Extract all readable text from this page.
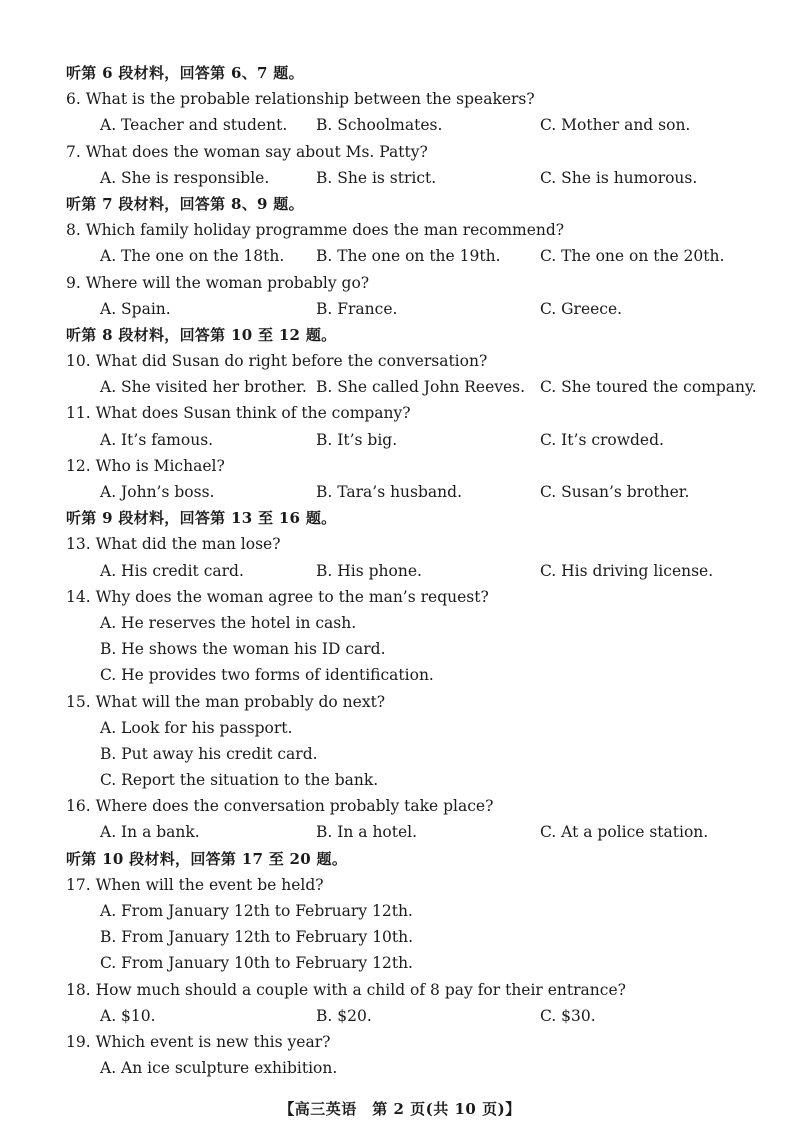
听第 6 段材料，回答第 6、7 题。
6. What is the probable relationship between the speakers?
A. Teacher and student. B. Schoolmates.	C. Mother and son.
7. What does the woman say about Ms. Patty?
A. She is responsible.	B. She is strict.	C. She is humorous.
听第 7 段材料，回答第 8、9 题。
8. Which family holiday programme does the man recommend?
A. The one on the 18th. B. The one on the 19th.	C. The one on the 20th.
9. Where will the woman probably go?
A. Spain.	B. France.	C. Greece.
听第 8 段材料，回答第 10 至 12 题。
10. What did Susan do right before the conversation?
A. She visited her brother. B. She called John Reeves. C. She toured the company.
11. What does Susan think of the company?
A. It’s famous.	B. It’s big.	C. It’s crowded.
12. Who is Michael?
A. John’s boss.	B. Tara’s husband.	C. Susan’s brother.
听第 9 段材料，回答第 13 至 16 题。
13. What did the man lose?
A. His credit card.	B. His phone.	C. His driving license.
14. Why does the woman agree to the man’s request?
A. He reserves the hotel in cash.
B. He shows the woman his ID card.
C. He provides two forms of identification.
15. What will the man probably do next?
A. Look for his passport.
B. Put away his credit card.
C. Report the situation to the bank.
16. Where does the conversation probably take place?
A. In a bank.	B. In a hotel.	C. At a police station.
听第 10 段材料，回答第 17 至 20 题。
17. When will the event be held?
A. From January 12th to February 12th.
B. From January 12th to February 10th.
C. From January 10th to February 12th.
18. How much should a couple with a child of 8 pay for their entrance?
A. $10.	B. $20.	C. $30.
19. Which event is new this year?
A. An ice sculpture exhibition.
【高三英语　第 2 页(共 10 页)】
